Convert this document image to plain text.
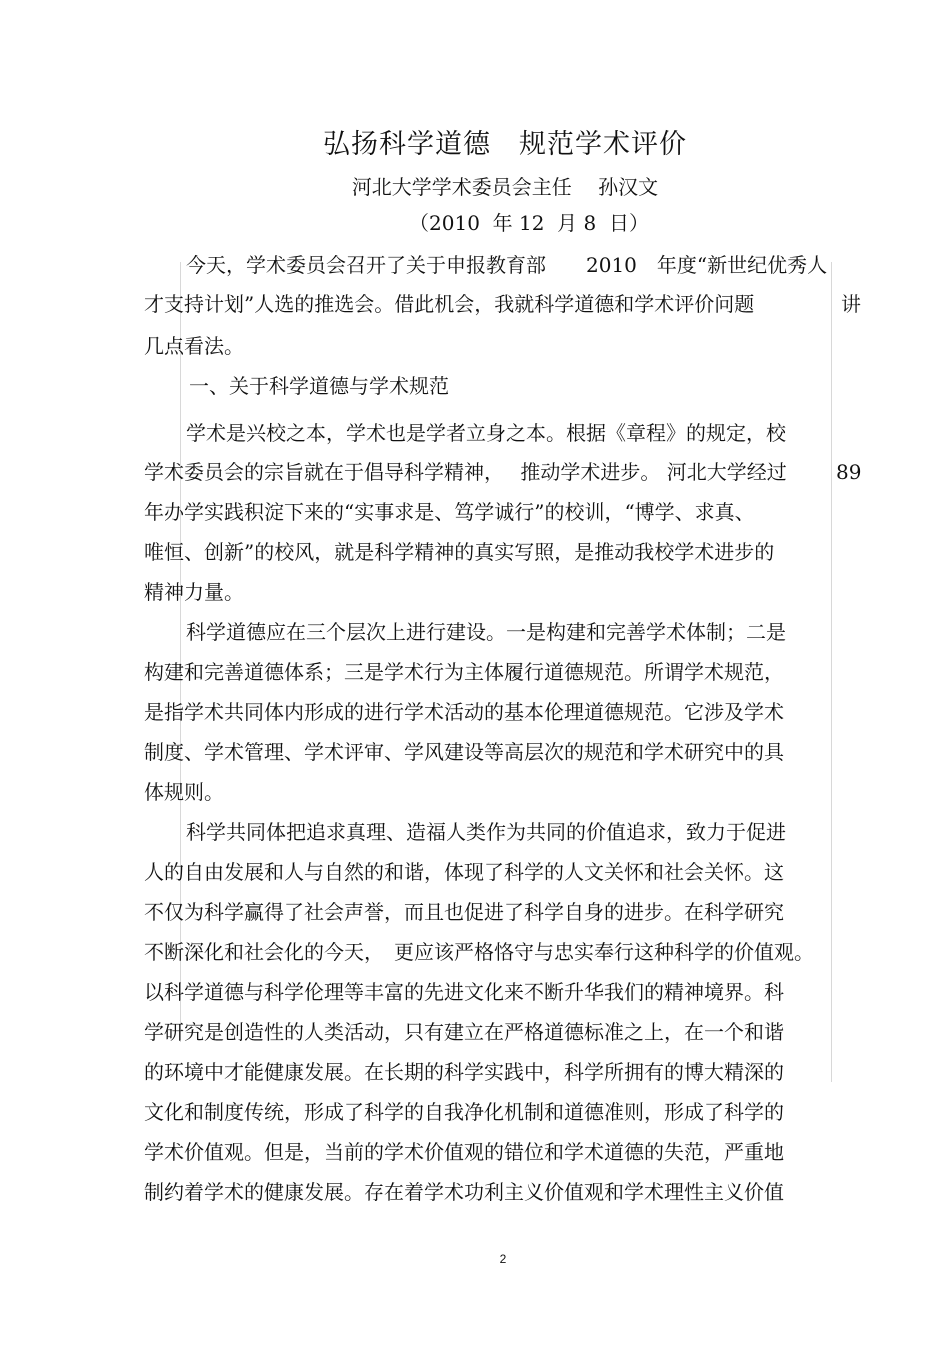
弘扬科学道德　规范学术评价
河北大学学术委员会主任　 孙汉文
（2010  年 12  月 8  日）
今天，学术委员会召开了关于申报教育部　　2010　年度“新世纪优秀人
才支持计划”人选的推选会。借此机会，我就科学道德和学术评价问题	讲
几点看法。
一、关于科学道德与学术规范
学术是兴校之本，学术也是学者立身之本。根据《章程》的规定，校
学术委员会的宗旨就在于倡导科学精神，　 推动学术进步。 河北大学经过 89
年办学实践积淀下来的“实事求是、笃学诚行”的校训，“博学、求真、
唯恒、创新”的校风，就是科学精神的真实写照，是推动我校学术进步的
精神力量。
科学道德应在三个层次上进行建设。一是构建和完善学术体制；二是
构建和完善道德体系；三是学术行为主体履行道德规范。所谓学术规范，
是指学术共同体内形成的进行学术活动的基本伦理道德规范。它涉及学术
制度、学术管理、学术评审、学风建设等高层次的规范和学术研究中的具
体规则。
科学共同体把追求真理、造福人类作为共同的价值追求，致力于促进
人的自由发展和人与自然的和谐，体现了科学的人文关怀和社会关怀。这
不仅为科学赢得了社会声誉，而且也促进了科学自身的进步。在科学研究
不断深化和社会化的今天，　更应该严格恪守与忠实奉行这种科学的价值观。
以科学道德与科学伦理等丰富的先进文化来不断升华我们的精神境界。科
学研究是创造性的人类活动，只有建立在严格道德标准之上，在一个和谐
的环境中才能健康发展。在长期的科学实践中，科学所拥有的博大精深的
文化和制度传统，形成了科学的自我净化机制和道德准则，形成了科学的
学术价值观。但是，当前的学术价值观的错位和学术道德的失范，严重地
制约着学术的健康发展。存在着学术功利主义价值观和学术理性主义价值
2
